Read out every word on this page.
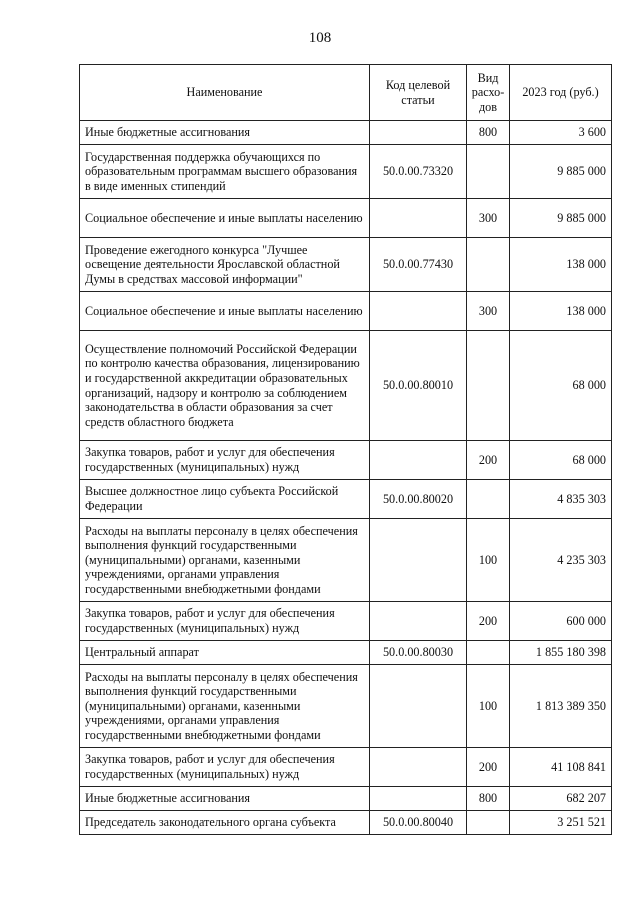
108
Наименование	Код целевой статьи	Вид расхо-дов	2023 год (руб.)
Иные бюджетные ассигнования		800	3 600
Государственная поддержка обучающихся по образовательным программам высшего образования в виде именных стипендий	50.0.00.73320		9 885 000
Социальное обеспечение и иные выплаты населению		300	9 885 000
Проведение ежегодного конкурса "Лучшее освещение деятельности Ярославской областной Думы в средствах массовой информации"	50.0.00.77430		138 000
Социальное обеспечение и иные выплаты населению		300	138 000
Осуществление полномочий Российской Федерации по контролю качества образования, лицензированию и государственной аккредитации образовательных организаций, надзору и контролю за соблюдением законодательства в области образования за счет средств областного бюджета	50.0.00.80010		68 000
Закупка товаров, работ и услуг для обеспечения государственных (муниципальных) нужд		200	68 000
Высшее должностное лицо субъекта Российской Федерации	50.0.00.80020		4 835 303
Расходы на выплаты персоналу в целях обеспечения выполнения функций государственными (муниципальными) органами, казенными учреждениями, органами управления государственными внебюджетными фондами		100	4 235 303
Закупка товаров, работ и услуг для обеспечения государственных (муниципальных) нужд		200	600 000
Центральный аппарат	50.0.00.80030		1 855 180 398
Расходы на выплаты персоналу в целях обеспечения выполнения функций государственными (муниципальными) органами, казенными учреждениями, органами управления государственными внебюджетными фондами		100	1 813 389 350
Закупка товаров, работ и услуг для обеспечения государственных (муниципальных) нужд		200	41 108 841
Иные бюджетные ассигнования		800	682 207
Председатель законодательного органа субъекта	50.0.00.80040		3 251 521
